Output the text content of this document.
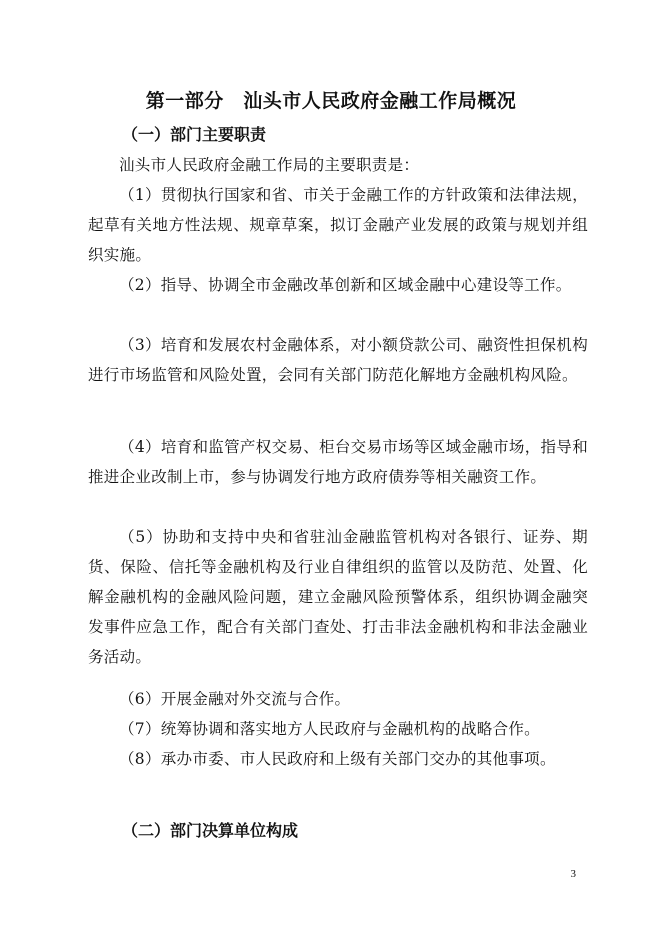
第一部分　汕头市人民政府金融工作局概况
（一）部门主要职责
汕头市人民政府金融工作局的主要职责是：
（1）贯彻执行国家和省、市关于金融工作的方针政策和法律法规，起草有关地方性法规、规章草案，拟订金融产业发展的政策与规划并组织实施。
（2）指导、协调全市金融改革创新和区域金融中心建设等工作。
（3）培育和发展农村金融体系，对小额贷款公司、融资性担保机构进行市场监管和风险处置，会同有关部门防范化解地方金融机构风险。
（4）培育和监管产权交易、柜台交易市场等区域金融市场，指导和推进企业改制上市，参与协调发行地方政府债券等相关融资工作。
（5）协助和支持中央和省驻汕金融监管机构对各银行、证券、期货、保险、信托等金融机构及行业自律组织的监管以及防范、处置、化解金融机构的金融风险问题，建立金融风险预警体系，组织协调金融突发事件应急工作，配合有关部门查处、打击非法金融机构和非法金融业务活动。
（6）开展金融对外交流与合作。
（7）统筹协调和落实地方人民政府与金融机构的战略合作。
（8）承办市委、市人民政府和上级有关部门交办的其他事项。
（二）部门决算单位构成
3
